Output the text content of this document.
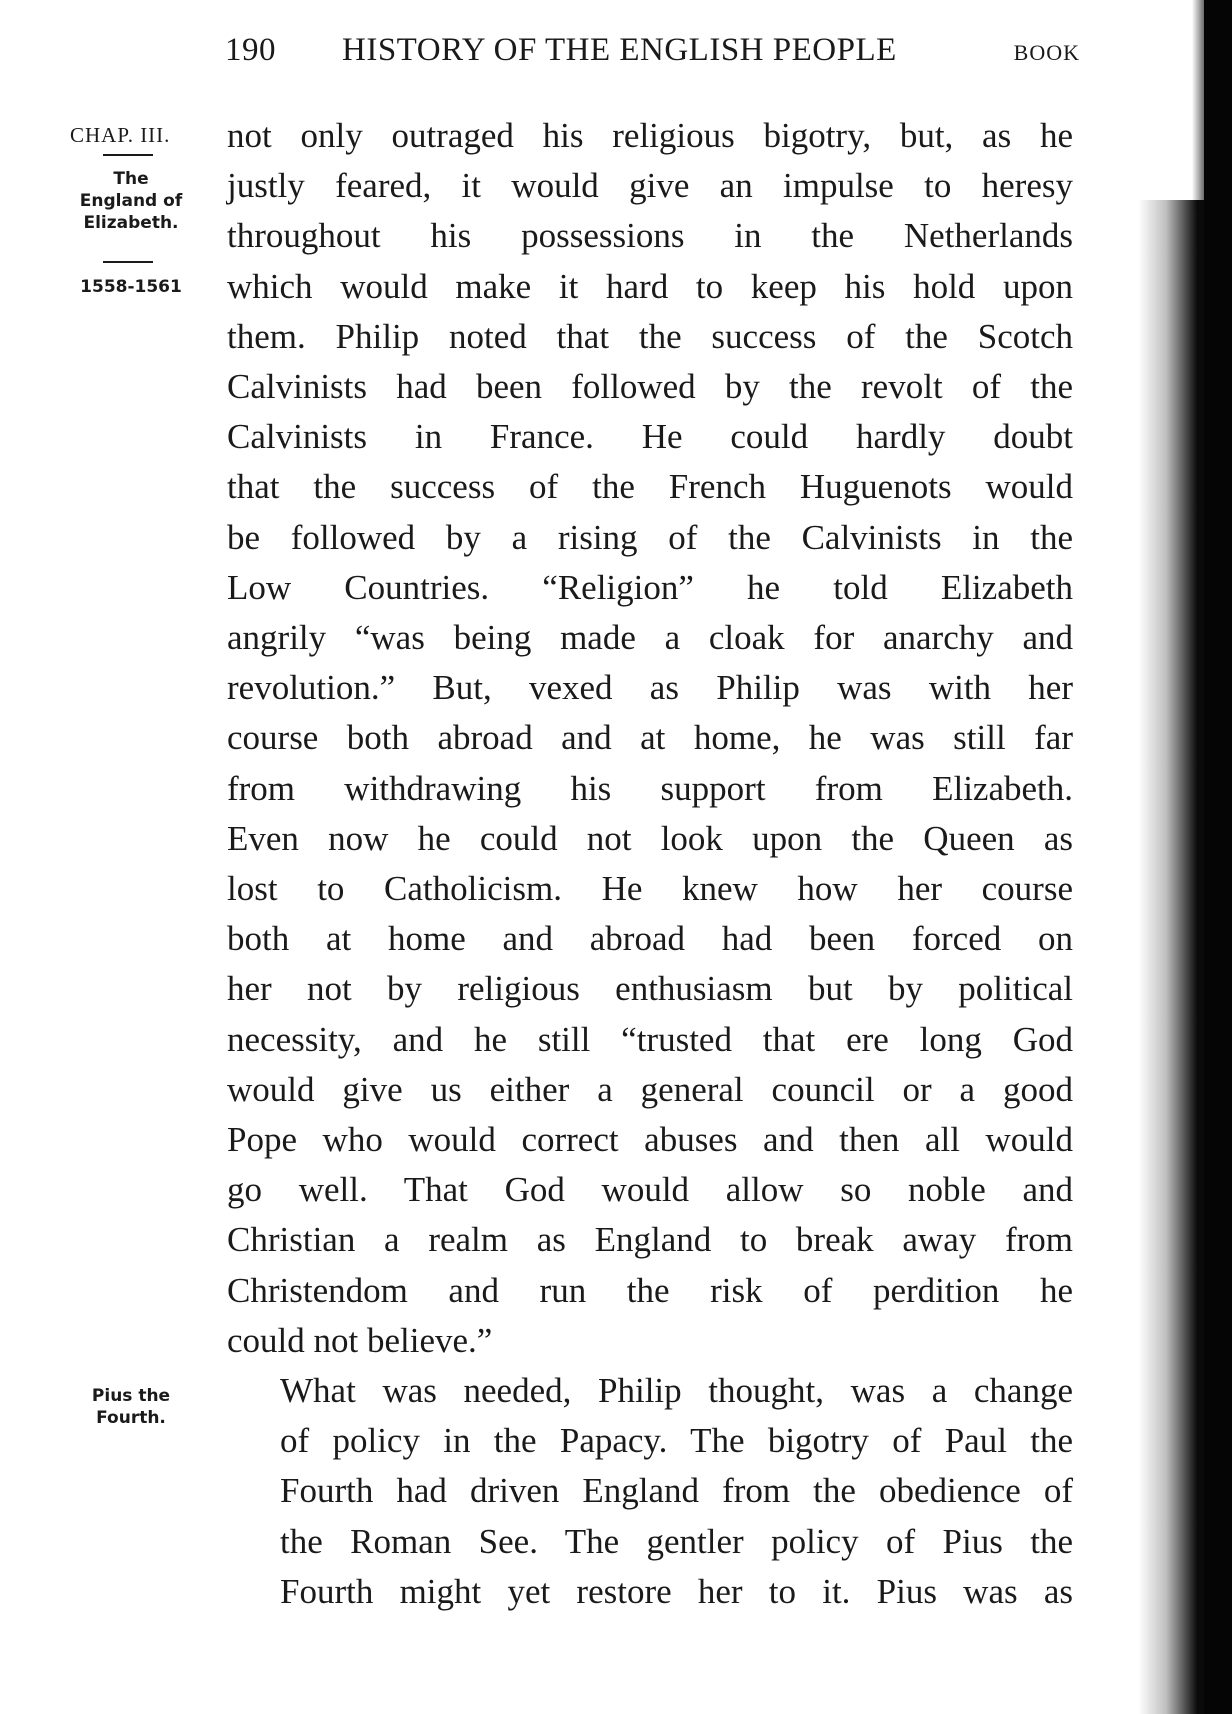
190 HISTORY OF THE ENGLISH PEOPLE	BOOK
CHAP. III.
The
England of
Elizabeth.
1558-1561
Pius the
Fourth.

not only outraged his religious bigotry, but, as he
justly feared, it would give an impulse to heresy
throughout his possessions in the Netherlands
which would make it hard to keep his hold upon
them. Philip noted that the success of the Scotch
Calvinists had been followed by the revolt of the
Calvinists in France. He could hardly doubt
that the success of the French Huguenots would
be followed by a rising of the Calvinists in the
Low Countries. “Religion” he told Elizabeth
angrily “was being made a cloak for anarchy and
revolution.” But, vexed as Philip was with her
course both abroad and at home, he was still far
from withdrawing his support from Elizabeth.
Even now he could not look upon the Queen as
lost to Catholicism. He knew how her course
both at home and abroad had been forced on
her not by religious enthusiasm but by political
necessity, and he still “trusted that ere long God
would give us either a general council or a good
Pope who would correct abuses and then all would
go well. That God would allow so noble and
Christian a realm as England to break away from
Christendom and run the risk of perdition he
could not believe.”

What was needed, Philip thought, was a change
of policy in the Papacy. The bigotry of Paul the
Fourth had driven England from the obedience of
the Roman See. The gentler policy of Pius the
Fourth might yet restore her to it. Pius was as
